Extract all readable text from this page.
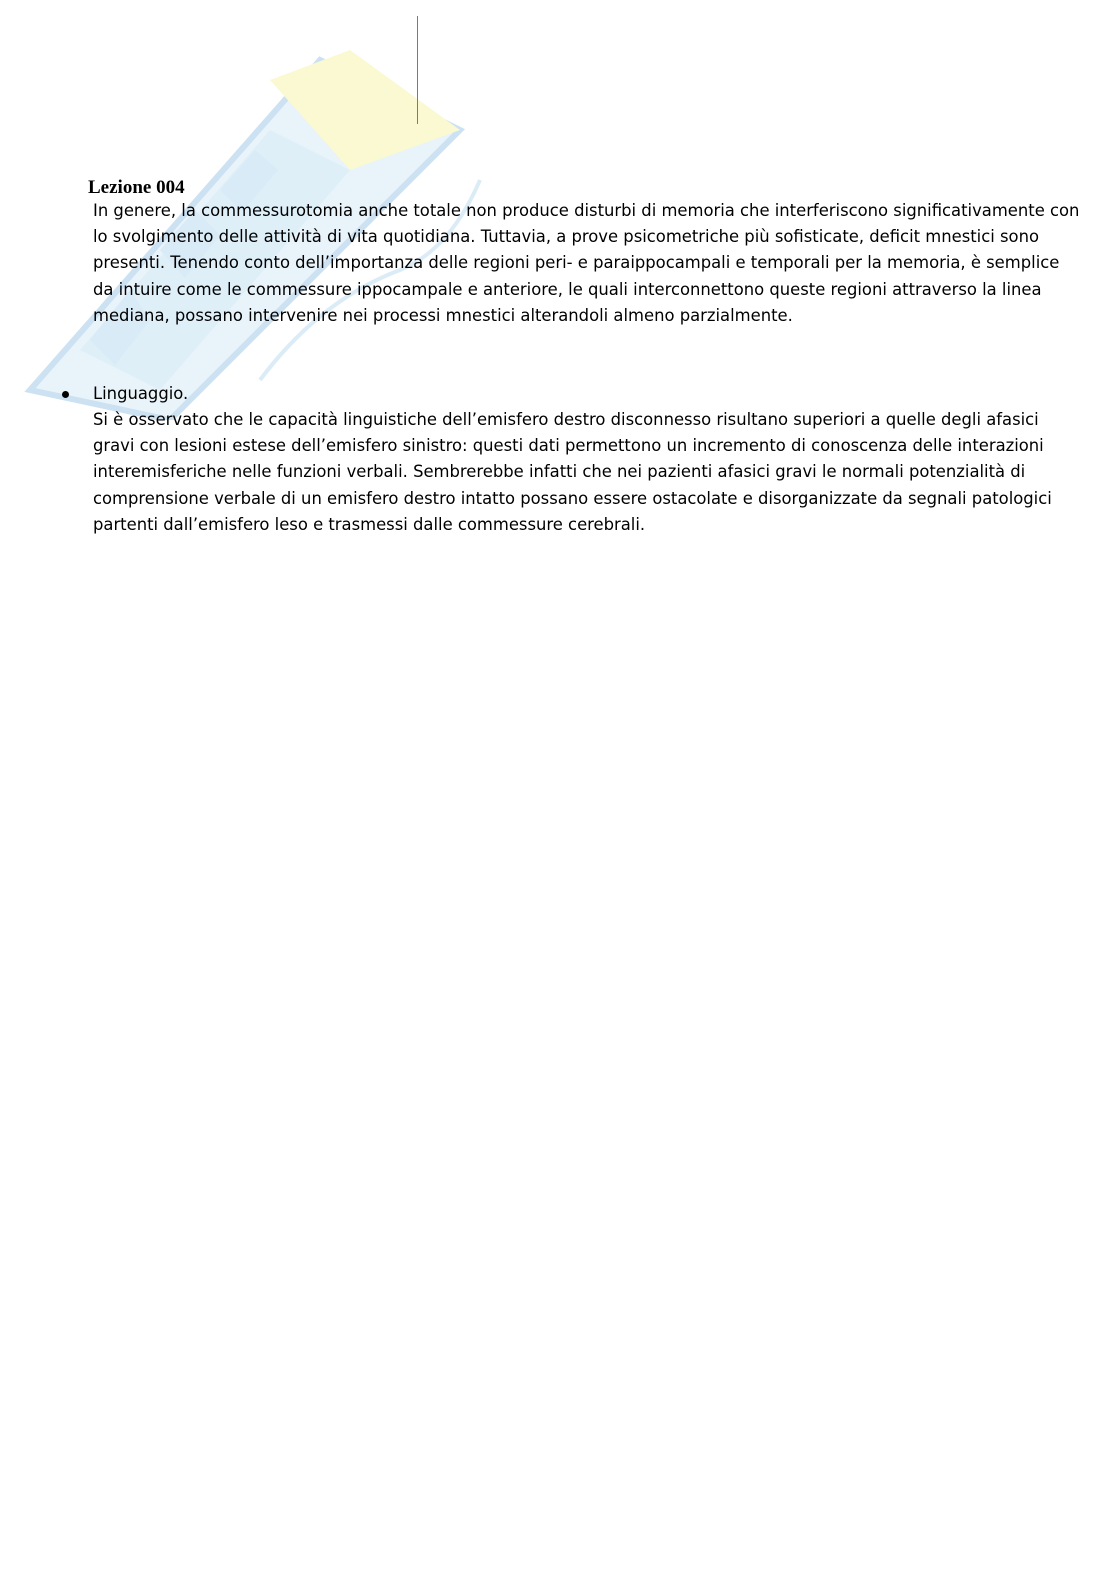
Lezione 004

In genere, la commessurotomia anche totale non produce disturbi di memoria che interferiscono significativamente con lo svolgimento delle attività di vita quotidiana. Tuttavia, a prove psicometriche più sofisticate, deficit mnestici sono presenti. Tenendo conto dell’importanza delle regioni peri- e paraippocampali e temporali per la memoria, è semplice da intuire come le commessure ippocampale e anteriore, le quali interconnettono queste regioni attraverso la linea mediana, possano intervenire nei processi mnestici alterandoli almeno parzialmente.

Linguaggio.

Si è osservato che le capacità linguistiche dell’emisfero destro disconnesso risultano superiori a quelle degli afasici gravi con lesioni estese dell’emisfero sinistro: questi dati permettono un incremento di conoscenza delle interazioni interemisferiche nelle funzioni verbali. Sembrerebbe infatti che nei pazienti afasici gravi le normali potenzialità di comprensione verbale di un emisfero destro intatto possano essere ostacolate e disorganizzate da segnali patologici partenti dall’emisfero leso e trasmessi dalle commessure cerebrali.
